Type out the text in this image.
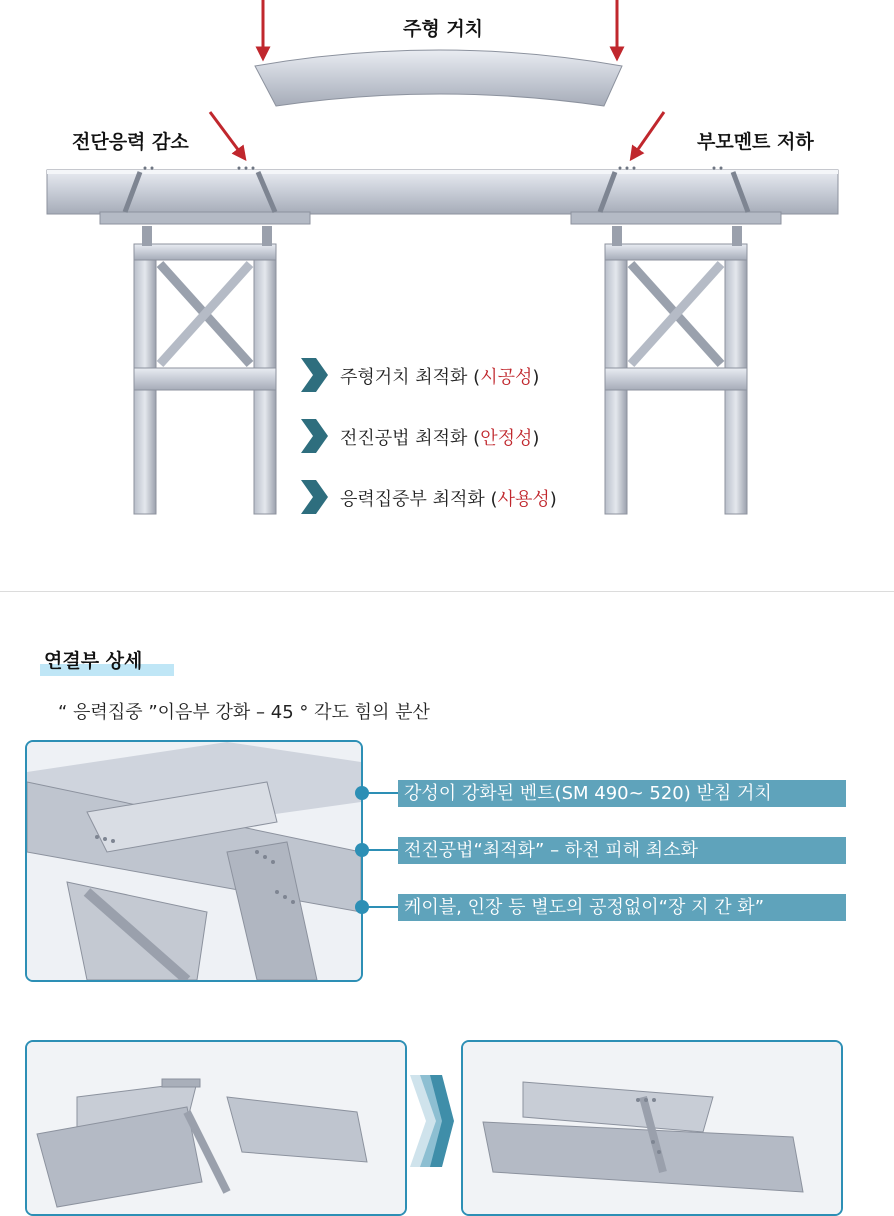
주형 거치
전단응력 감소	부모멘트 저하
주형거치 최적화 (시공성)
전진공법 최적화 (안정성)
응력집중부 최적화 (사용성)
연결부 상세
“ 응력집중 ”이음부 강화 – 45 ° 각도 힘의 분산
강성이 강화된 벤트(SM 490~ 520) 받침 거치
전진공법“최적화” – 하천 피해 최소화
케이블, 인장 등 별도의 공정없이“장 지 간 화”
